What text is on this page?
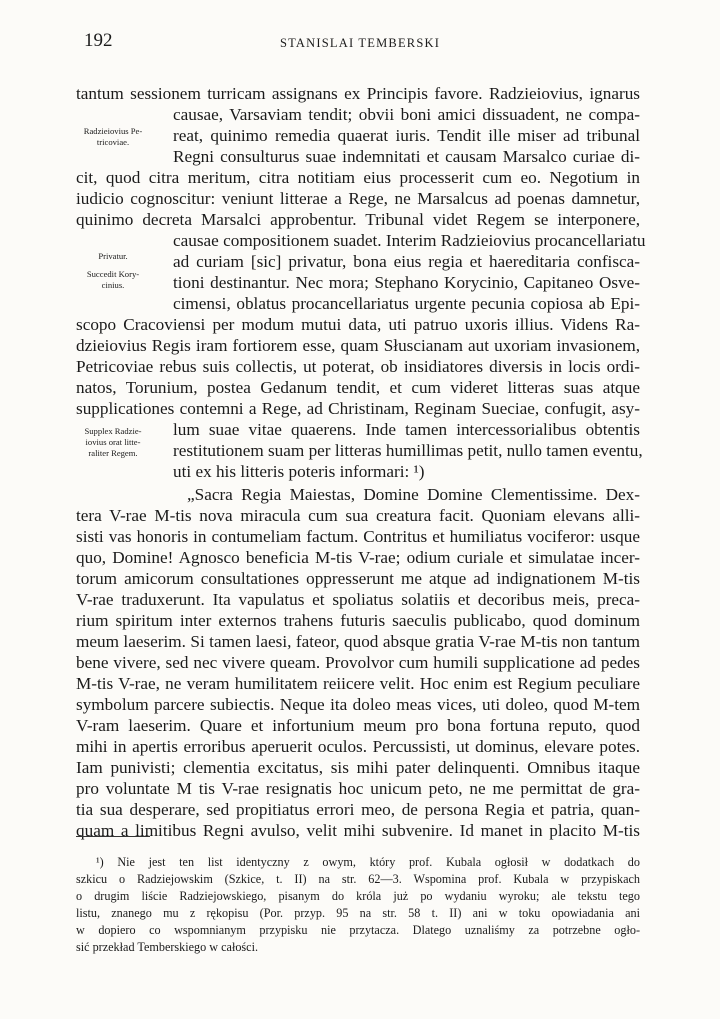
192	STANISLAI TEMBERSKI
Radzieiovius Pe-
tricoviae.
Privatur.
Succedit Kory-
cinius.
Supplex Radzie-
iovius orat litte-
raliter Regem.
tantum sessionem turricam assignans ex Principis favore. Radzieiovius, ignarus
causae, Varsaviam tendit; obvii boni amici dissuadent, ne compa-
reat, quinimo remedia quaerat iuris. Tendit ille miser ad tribunal
Regni consulturus suae indemnitati et causam Marsalco curiae di-
cit, quod citra meritum, citra notitiam eius processerit cum eo. Negotium in
iudicio cognoscitur: veniunt litterae a Rege, ne Marsalcus ad poenas damnetur,
quinimo decreta Marsalci approbentur. Tribunal videt Regem se interponere,
causae compositionem suadet. Interim Radzieiovius procancellariatu
ad curiam [sic] privatur, bona eius regia et haereditaria confisca-
tioni destinantur. Nec mora; Stephano Korycinio, Capitaneo Osve-
cimensi, oblatus procancellariatus urgente pecunia copiosa ab Epi-
scopo Cracoviensi per modum mutui data, uti patruo uxoris illius. Videns Ra-
dzieiovius Regis iram fortiorem esse, quam Słuscianam aut uxoriam invasionem,
Petricoviae rebus suis collectis, ut poterat, ob insidiatores diversis in locis ordi-
natos, Torunium, postea Gedanum tendit, et cum videret litteras suas atque
supplicationes contemni a Rege, ad Christinam, Reginam Sueciae, confugit, asy-
lum suae vitae quaerens. Inde tamen intercessorialibus obtentis
restitutionem suam per litteras humillimas petit, nullo tamen eventu,
uti ex his litteris poteris informari: ¹)
„Sacra Regia Maiestas, Domine Domine Clementissime. Dex-
tera V-rae M-tis nova miracula cum sua creatura facit. Quoniam elevans alli-
sisti vas honoris in contumeliam factum. Contritus et humiliatus vociferor: usque
quo, Domine! Agnosco beneficia M-tis V-rae; odium curiale et simulatae incer-
torum amicorum consultationes oppresserunt me atque ad indignationem M-tis
V-rae traduxerunt. Ita vapulatus et spoliatus solatiis et decoribus meis, preca-
rium spiritum inter externos trahens futuris saeculis publicabo, quod dominum
meum laeserim. Si tamen laesi, fateor, quod absque gratia V-rae M-tis non tantum
bene vivere, sed nec vivere queam. Provolvor cum humili supplicatione ad pedes
M-tis V-rae, ne veram humilitatem reiicere velit. Hoc enim est Regium peculiare
symbolum parcere subiectis. Neque ita doleo meas vices, uti doleo, quod M-tem
V-ram laeserim. Quare et infortunium meum pro bona fortuna reputo, quod
mihi in apertis erroribus aperuerit oculos. Percussisti, ut dominus, elevare potes.
Iam punivisti; clementia excitatus, sis mihi pater delinquenti. Omnibus itaque
pro voluntate M tis V-rae resignatis hoc unicum peto, ne me permittat de gra-
tia sua desperare, sed propitiatus errori meo, de persona Regia et patria, quan-
quam a limitibus Regni avulso, velit mihi subvenire. Id manet in placito M-tis
¹) Nie jest ten list identyczny z owym, który prof. Kubala ogłosił w dodatkach do
szkicu o Radziejowskim (Szkice, t. II) na str. 62—3. Wspomina prof. Kubala w przypiskach
o drugim liście Radziejowskiego, pisanym do króla już po wydaniu wyroku; ale tekstu tego
listu, znanego mu z rękopisu (Por. przyp. 95 na str. 58 t. II) ani w toku opowiadania ani
w dopiero co wspomnianym przypisku nie przytacza. Dlatego uznaliśmy za potrzebne ogło-
sić przekład Temberskiego w całości.
